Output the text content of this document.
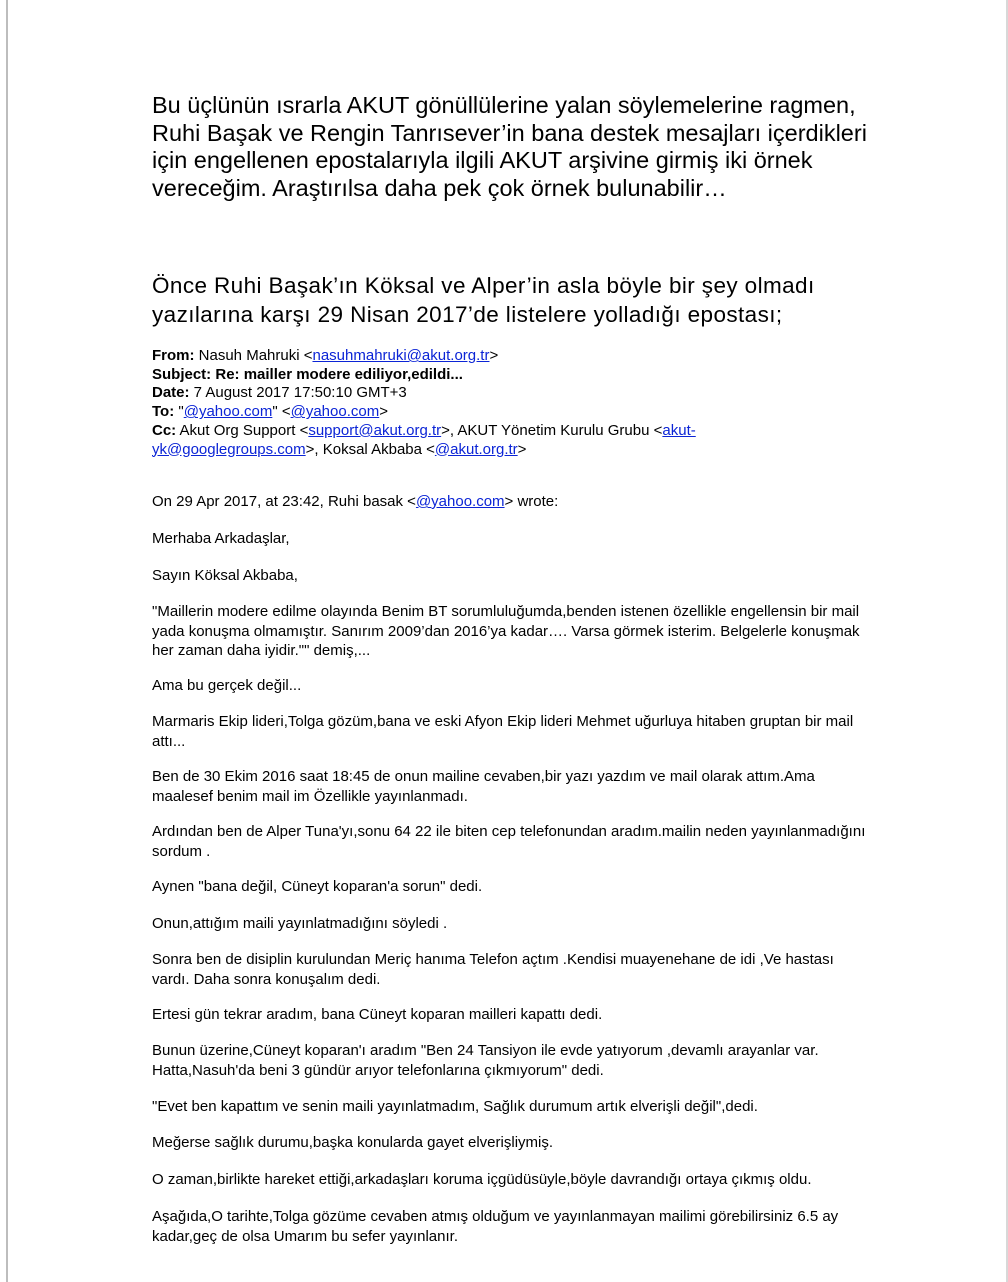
Bu üçlünün ısrarla AKUT gönüllülerine yalan söylemelerine ragmen, Ruhi Başak ve Rengin Tanrısever’in bana destek mesajları içerdikleri için engellenen epostalarıyla ilgili AKUT arşivine girmiş iki örnek vereceğim. Araştırılsa daha pek çok örnek bulunabilir…

Önce Ruhi Başak’ın Köksal ve Alper’in asla böyle bir şey olmadı yazılarına karşı 29 Nisan 2017’de listelere yolladığı epostası;

From: Nasuh Mahruki <nasuhmahruki@akut.org.tr>
Subject: Re: mailler modere ediliyor,edildi...
Date: 7 August 2017 17:50:10 GMT+3
To: "@yahoo.com" <@yahoo.com>
Cc: Akut Org Support <support@akut.org.tr>, AKUT Yönetim Kurulu Grubu <akut-
yk@googlegroups.com>, Koksal Akbaba <@akut.org.tr>

On 29 Apr 2017, at 23:42, Ruhi basak <@yahoo.com> wrote:

Merhaba Arkadaşlar,

Sayın Köksal Akbaba,

"Maillerin modere edilme olayında Benim BT sorumluluğumda,benden istenen özellikle engellensin bir mail yada konuşma olmamıştır. Sanırım 2009’dan 2016’ya kadar…. Varsa görmek isterim. Belgelerle konuşmak her zaman daha iyidir."" demiş,...

Ama bu gerçek değil...

Marmaris Ekip lideri,Tolga gözüm,bana ve eski Afyon Ekip lideri Mehmet uğurluya hitaben gruptan bir mail attı...

Ben de 30 Ekim 2016 saat 18:45 de onun mailine cevaben,bir yazı yazdım ve mail olarak attım.Ama maalesef benim mail im Özellikle yayınlanmadı.

Ardından ben de Alper Tuna'yı,sonu 64 22 ile biten cep telefonundan aradım.mailin neden yayınlanmadığını sordum .

Aynen "bana değil, Cüneyt koparan'a sorun" dedi.

Onun,attığım maili yayınlatmadığını söyledi .

Sonra ben de disiplin kurulundan Meriç hanıma Telefon açtım .Kendisi muayenehane de idi ,Ve hastası vardı. Daha sonra konuşalım dedi.

Ertesi gün tekrar aradım, bana Cüneyt koparan mailleri kapattı dedi.

Bunun üzerine,Cüneyt koparan'ı aradım "Ben 24 Tansiyon ile evde yatıyorum ,devamlı arayanlar var. Hatta,Nasuh'da beni 3 gündür arıyor telefonlarına çıkmıyorum" dedi.

"Evet ben kapattım ve senin maili yayınlatmadım, Sağlık durumum artık elverişli değil",dedi.

Meğerse sağlık durumu,başka konularda gayet elverişliymiş.

O zaman,birlikte hareket ettiği,arkadaşları koruma içgüdüsüyle,böyle davrandığı ortaya çıkmış oldu.

Aşağıda,O tarihte,Tolga gözüme cevaben atmış olduğum ve yayınlanmayan mailimi görebilirsiniz 6.5 ay kadar,geç de olsa Umarım bu sefer yayınlanır.
